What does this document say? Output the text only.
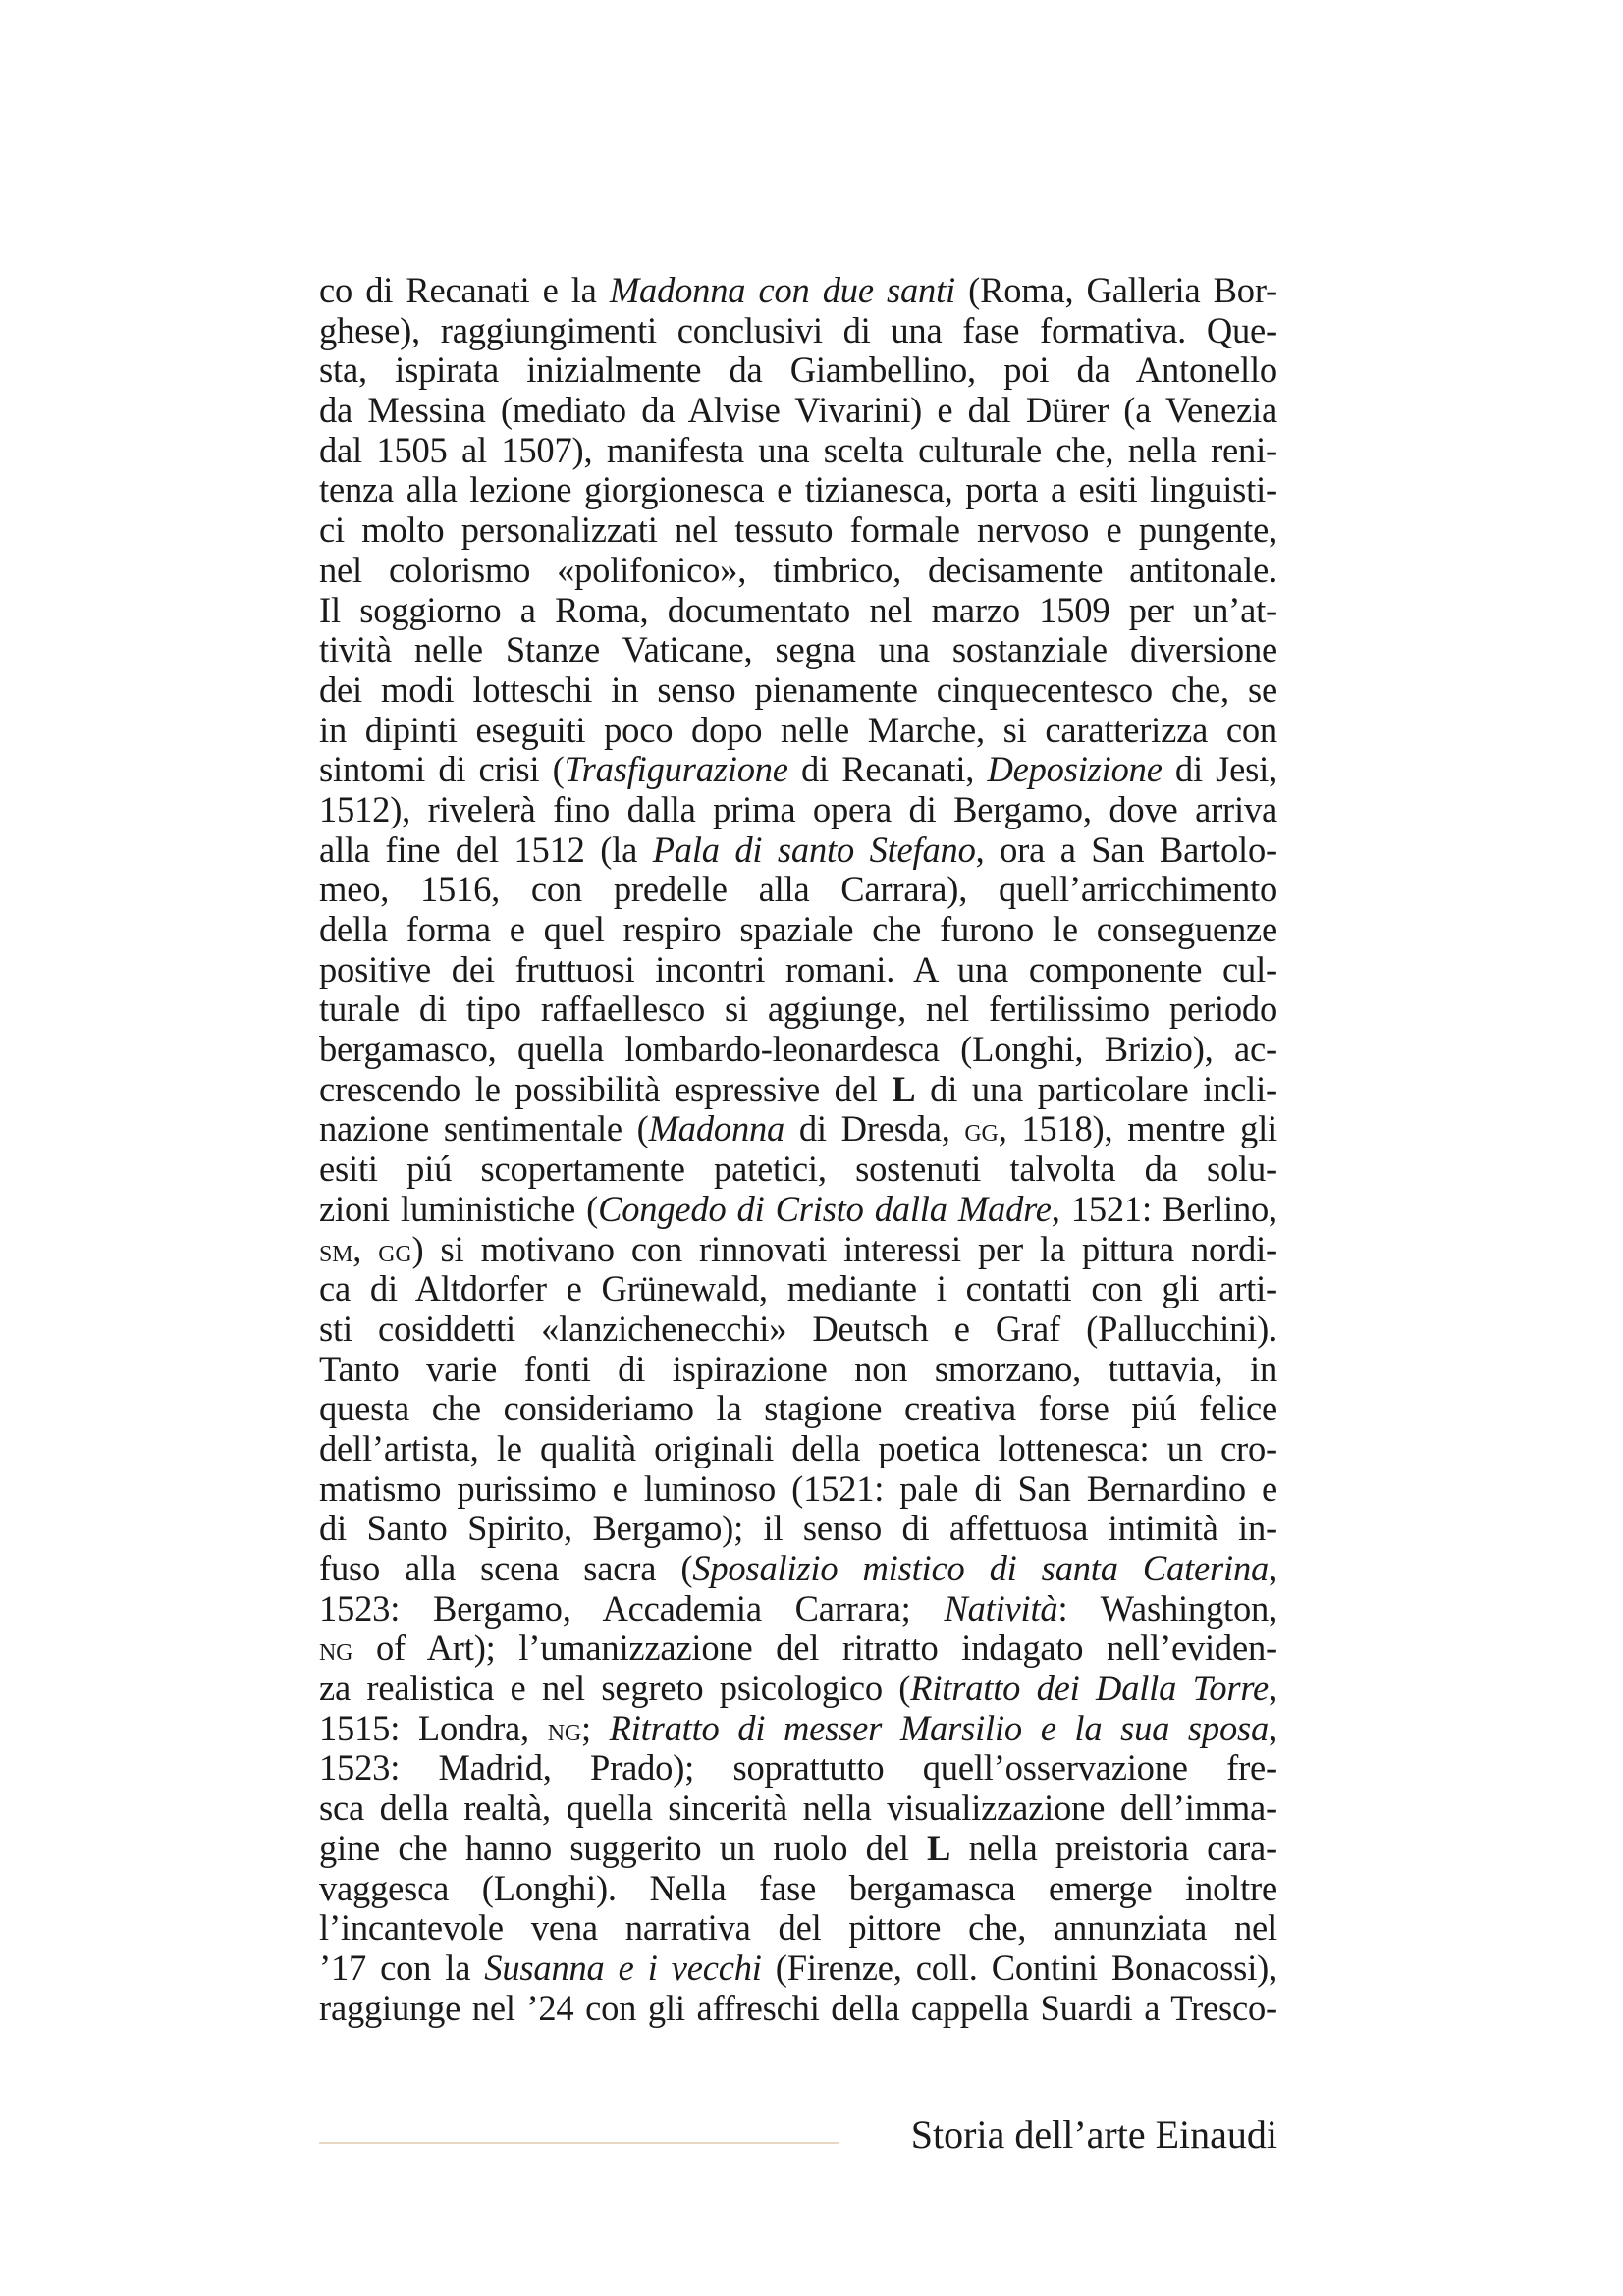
co di Recanati e la Madonna con due santi (Roma, Galleria Bor-
ghese), raggiungimenti conclusivi di una fase formativa. Que-
sta, ispirata inizialmente da Giambellino, poi da Antonello
da Messina (mediato da Alvise Vivarini) e dal Dürer (a Venezia
dal 1505 al 1507), manifesta una scelta culturale che, nella reni-
tenza alla lezione giorgionesca e tizianesca, porta a esiti linguisti-
ci molto personalizzati nel tessuto formale nervoso e pungente,
nel colorismo «polifonico», timbrico, decisamente antitonale.
Il soggiorno a Roma, documentato nel marzo 1509 per un’at-
tività nelle Stanze Vaticane, segna una sostanziale diversione
dei modi lotteschi in senso pienamente cinquecentesco che, se
in dipinti eseguiti poco dopo nelle Marche, si caratterizza con
sintomi di crisi (Trasfigurazione di Recanati, Deposizione di Jesi,
1512), rivelerà fino dalla prima opera di Bergamo, dove arriva
alla fine del 1512 (la Pala di santo Stefano, ora a San Bartolo-
meo, 1516, con predelle alla Carrara), quell’arricchimento
della forma e quel respiro spaziale che furono le conseguenze
positive dei fruttuosi incontri romani. A una componente cul-
turale di tipo raffaellesco si aggiunge, nel fertilissimo periodo
bergamasco, quella lombardo-leonardesca (Longhi, Brizio), ac-
crescendo le possibilità espressive del L di una particolare incli-
nazione sentimentale (Madonna di Dresda, gg, 1518), mentre gli
esiti piú scopertamente patetici, sostenuti talvolta da solu-
zioni luministiche (Congedo di Cristo dalla Madre, 1521: Berlino,
sm, gg) si motivano con rinnovati interessi per la pittura nordi-
ca di Altdorfer e Grünewald, mediante i contatti con gli arti-
sti cosiddetti «lanzichenecchi» Deutsch e Graf (Pallucchini).
Tanto varie fonti di ispirazione non smorzano, tuttavia, in
questa che consideriamo la stagione creativa forse piú felice
dell’artista, le qualità originali della poetica lottenesca: un cro-
matismo purissimo e luminoso (1521: pale di San Bernardino e
di Santo Spirito, Bergamo); il senso di affettuosa intimità in-
fuso alla scena sacra (Sposalizio mistico di santa Caterina,
1523: Bergamo, Accademia Carrara; Natività: Washington,
ng of Art); l’umanizzazione del ritratto indagato nell’eviden-
za realistica e nel segreto psicologico (Ritratto dei Dalla Torre,
1515: Londra, ng; Ritratto di messer Marsilio e la sua sposa,
1523: Madrid, Prado); soprattutto quell’osservazione fre-
sca della realtà, quella sincerità nella visualizzazione dell’imma-
gine che hanno suggerito un ruolo del L nella preistoria cara-
vaggesca (Longhi). Nella fase bergamasca emerge inoltre
l’incantevole vena narrativa del pittore che, annunziata nel
’17 con la Susanna e i vecchi (Firenze, coll. Contini Bonacossi),
raggiunge nel ’24 con gli affreschi della cappella Suardi a Tresco-
Storia dell’arte Einaudi
